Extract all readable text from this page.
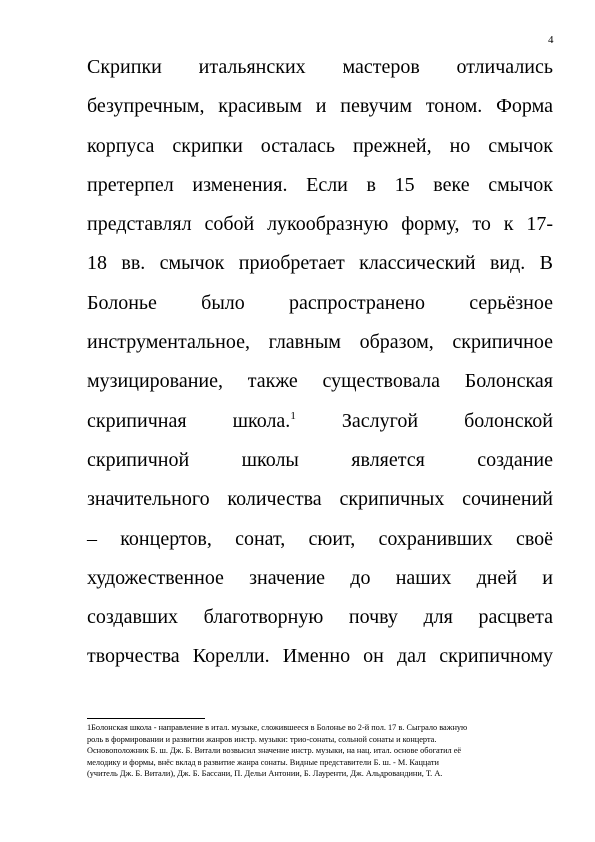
4
Скрипки итальянских мастеров отличались
безупречным, красивым и певучим тоном. Форма
корпуса скрипки осталась прежней, но смычок
претерпел изменения. Если в 15 веке смычок
представлял собой лукообразную форму, то к 17-
18 вв. смычок приобретает классический вид. В
Болонье было распространено серьёзное
инструментальное, главным образом, скрипичное
музицирование, также существовала Болонская
скрипичная школа.$^1$ Заслугой болонской
скрипичной школы является создание
значительного количества скрипичных сочинений
– концертов, сонат, сюит, сохранивших своё
художественное значение до наших дней и
создавших благотворную почву для расцвета
творчества Корелли. Именно он дал скрипичному
1Болонская школа - направление в итал. музыке, сложившееся в Болонье во 2-й пол. 17 в. Сыграло важную
роль в формировании и развитии жанров инстр. музыки: трио-сонаты, сольной сонаты и концерта.
Основоположник Б. ш. Дж. Б. Витали возвысил значение инстр. музыки, на нац. итал. основе обогатил её
мелодику и формы, внёс вклад в развитие жанра сонаты. Видные представители Б. ш. - М. Каццати
(учитель Дж. Б. Витали), Дж. Б. Бассани, П. Дельи Антонии, Б. Лауренти, Дж. Альдровандини, Т. А.
